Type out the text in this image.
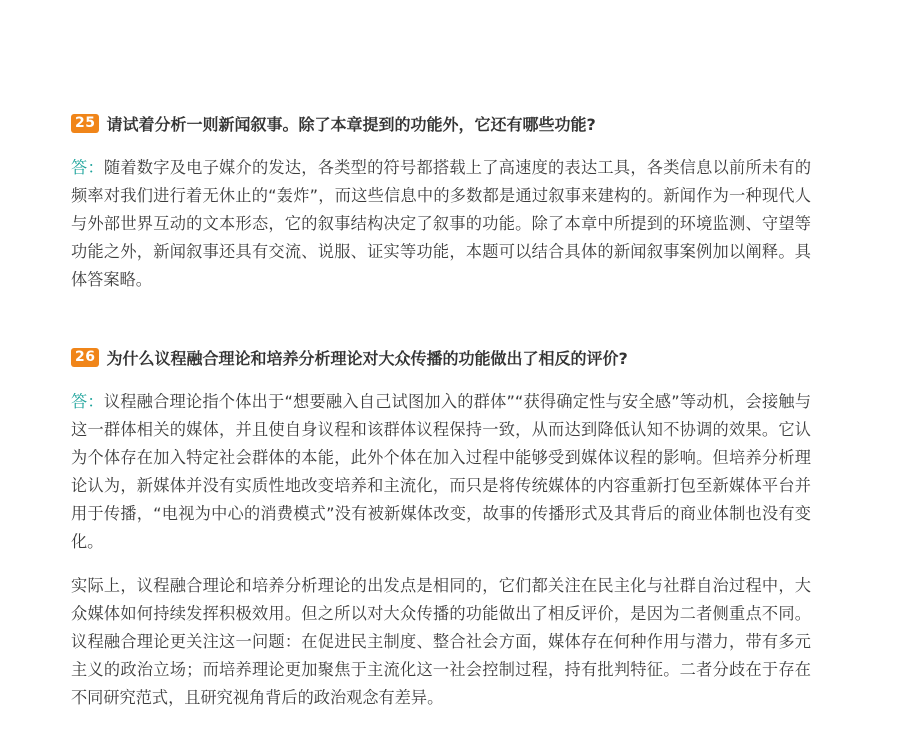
25 请试着分析一则新闻叙事。除了本章提到的功能外，它还有哪些功能?
答：随着数字及电子媒介的发达，各类型的符号都搭载上了高速度的表达工具，各类信息以前所未有的频率对我们进行着无休止的“轰炸”，而这些信息中的多数都是通过叙事来建构的。新闻作为一种现代人与外部世界互动的文本形态，它的叙事结构决定了叙事的功能。除了本章中所提到的环境监测、守望等功能之外，新闻叙事还具有交流、说服、证实等功能，本题可以结合具体的新闻叙事案例加以阐释。具体答案略。
26 为什么议程融合理论和培养分析理论对大众传播的功能做出了相反的评价?
答：议程融合理论指个体出于“想要融入自己试图加入的群体”“获得确定性与安全感”等动机，会接触与这一群体相关的媒体，并且使自身议程和该群体议程保持一致，从而达到降低认知不协调的效果。它认为个体存在加入特定社会群体的本能，此外个体在加入过程中能够受到媒体议程的影响。但培养分析理论认为，新媒体并没有实质性地改变培养和主流化，而只是将传统媒体的内容重新打包至新媒体平台并用于传播，“电视为中心的消费模式”没有被新媒体改变，故事的传播形式及其背后的商业体制也没有变化。
实际上，议程融合理论和培养分析理论的出发点是相同的，它们都关注在民主化与社群自治过程中，大众媒体如何持续发挥积极效用。但之所以对大众传播的功能做出了相反评价，是因为二者侧重点不同。议程融合理论更关注这一问题：在促进民主制度、整合社会方面，媒体存在何种作用与潜力，带有多元主义的政治立场；而培养理论更加聚焦于主流化这一社会控制过程，持有批判特征。二者分歧在于存在不同研究范式，且研究视角背后的政治观念有差异。
